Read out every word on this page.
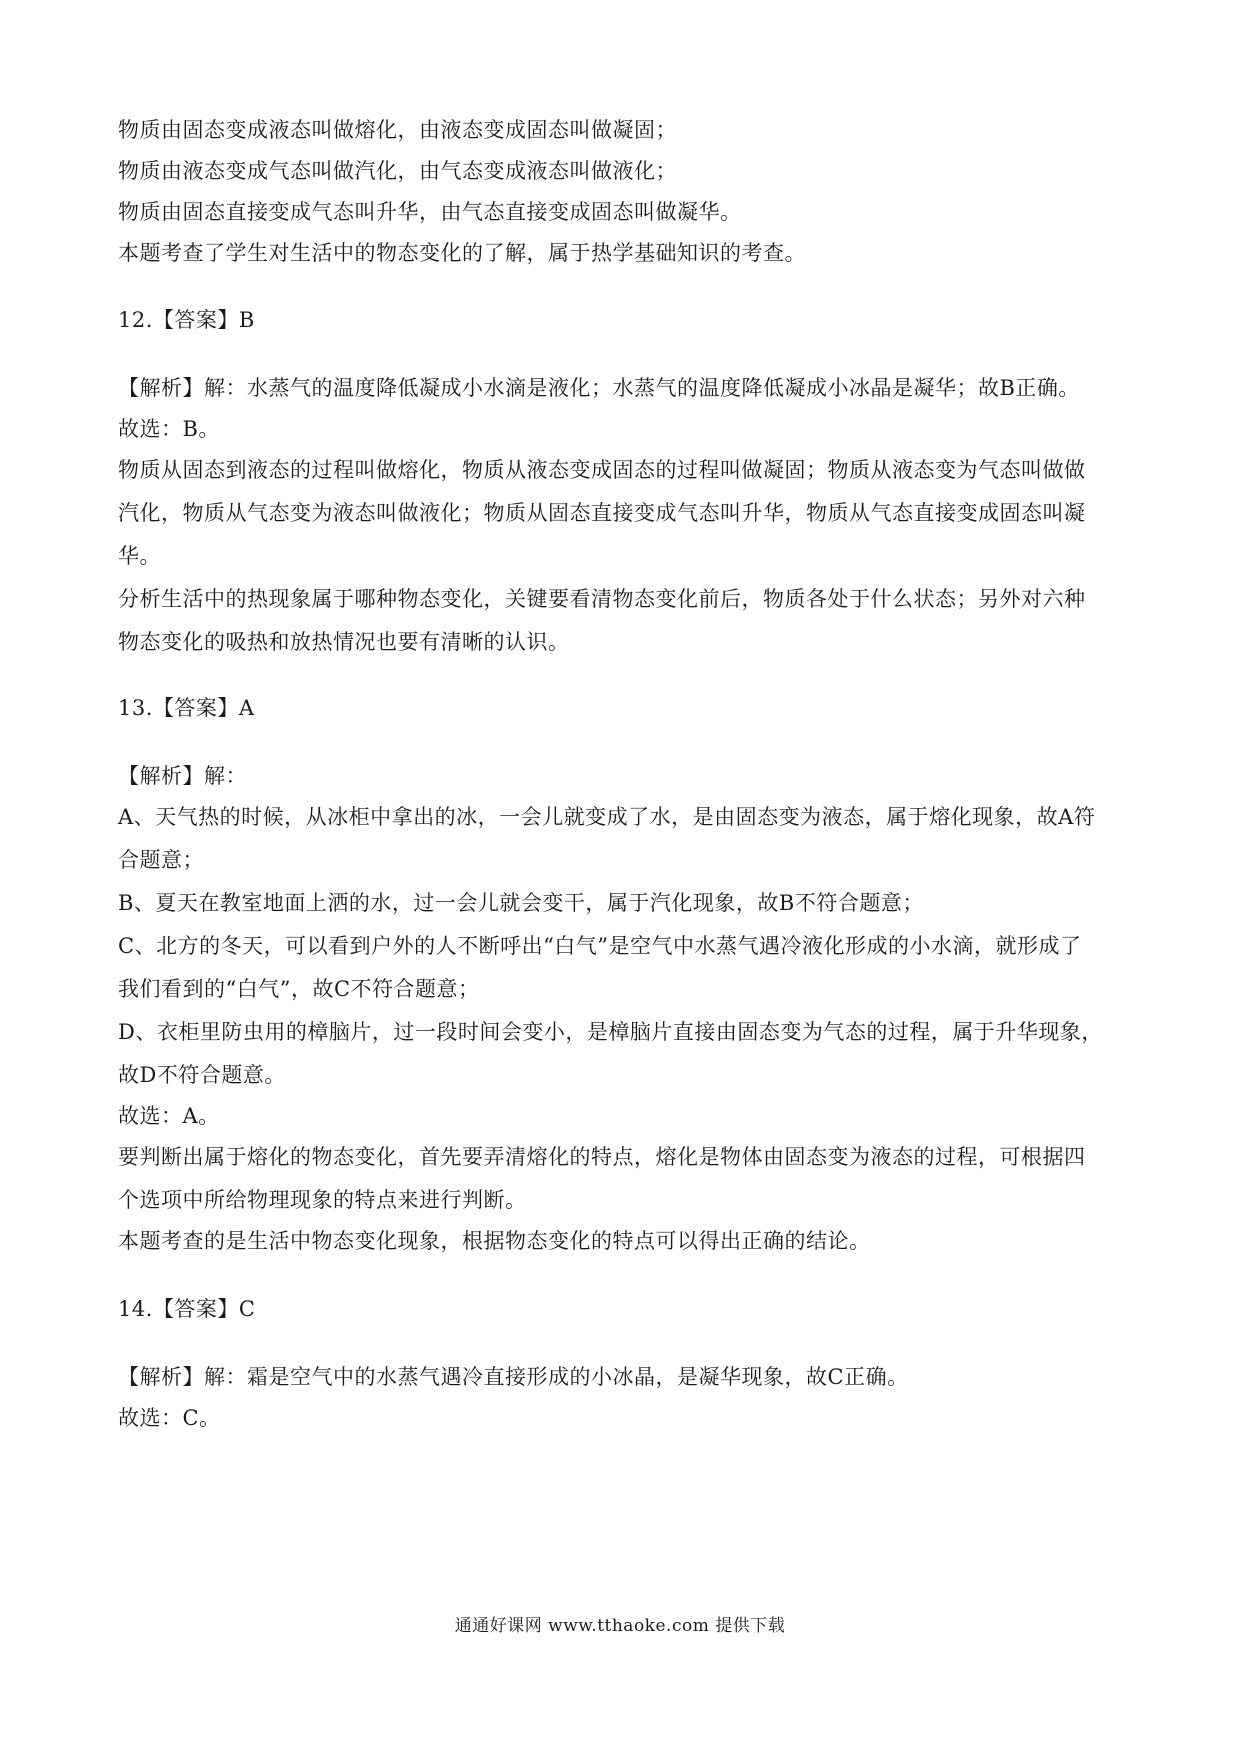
物质由固态变成液态叫做熔化，由液态变成固态叫做凝固；
物质由液态变成气态叫做汽化，由气态变成液态叫做液化；
物质由固态直接变成气态叫升华，由气态直接变成固态叫做凝华。
本题考查了学生对生活中的物态变化的了解，属于热学基础知识的考查。
12.【答案】B
【解析】解：水蒸气的温度降低凝成小水滴是液化；水蒸气的温度降低凝成小冰晶是凝华；故B正确。
故选：B。
物质从固态到液态的过程叫做熔化，物质从液态变成固态的过程叫做凝固；物质从液态变为气态叫做做
汽化，物质从气态变为液态叫做液化；物质从固态直接变成气态叫升华，物质从气态直接变成固态叫凝
华。
分析生活中的热现象属于哪种物态变化，关键要看清物态变化前后，物质各处于什么状态；另外对六种
物态变化的吸热和放热情况也要有清晰的认识。
13.【答案】A
【解析】解：
A、天气热的时候，从冰柜中拿出的冰，一会儿就变成了水，是由固态变为液态，属于熔化现象，故A符
合题意；
B、夏天在教室地面上洒的水，过一会儿就会变干，属于汽化现象，故B不符合题意；
C、北方的冬天，可以看到户外的人不断呼出“白气”是空气中水蒸气遇冷液化形成的小水滴，就形成了
我们看到的“白气”，故C不符合题意；
D、衣柜里防虫用的樟脑片，过一段时间会变小，是樟脑片直接由固态变为气态的过程，属于升华现象，
故D不符合题意。
故选：A。
要判断出属于熔化的物态变化，首先要弄清熔化的特点，熔化是物体由固态变为液态的过程，可根据四
个选项中所给物理现象的特点来进行判断。
本题考查的是生活中物态变化现象，根据物态变化的特点可以得出正确的结论。
14.【答案】C
【解析】解：霜是空气中的水蒸气遇冷直接形成的小冰晶，是凝华现象，故C正确。
故选：C。
通通好课网 www.tthaoke.com 提供下载
